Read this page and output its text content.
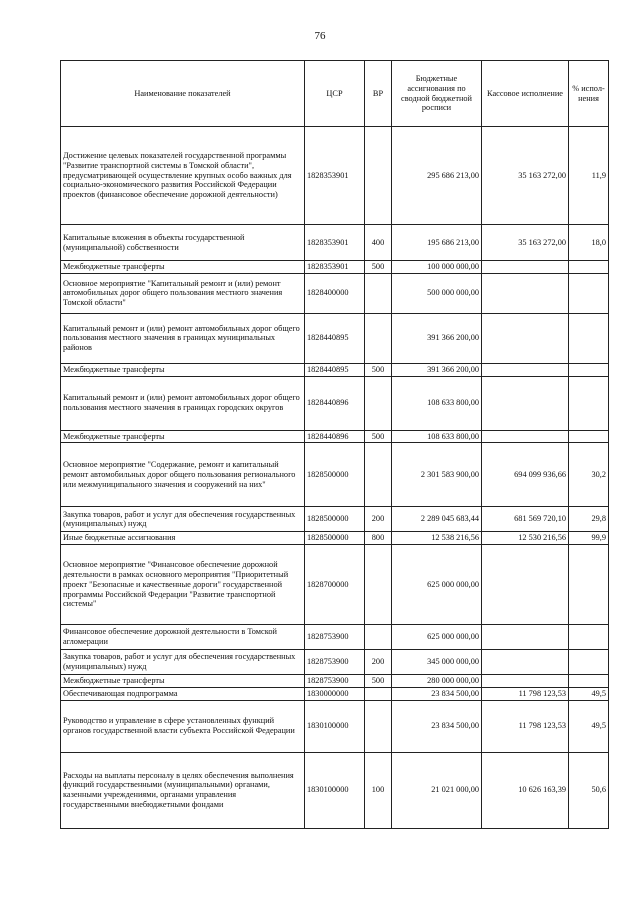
76
Наименование показателей	ЦСР	ВР	Бюджетные ассигнования по сводной бюджетной росписи	Кассовое исполнение	% испол-нения
Достижение целевых показателей государственной программы "Развитие транспортной системы в Томской области", предусматривающей осуществление крупных особо важных для социально-экономического развития Российской Федерации проектов (финансовое обеспечение дорожной деятельности)	1828353901		295 686 213,00	35 163 272,00	11,9
Капитальные вложения в объекты государственной (муниципальной) собственности	1828353901	400	195 686 213,00	35 163 272,00	18,0
Межбюджетные трансферты	1828353901	500	100 000 000,00		
Основное мероприятие "Капитальный ремонт и (или) ремонт автомобильных дорог общего пользования местного значения Томской области"	1828400000		500 000 000,00		
Капитальный ремонт и (или) ремонт автомобильных дорог общего пользования местного значения в границах муниципальных районов	1828440895		391 366 200,00		
Межбюджетные трансферты	1828440895	500	391 366 200,00		
Капитальный ремонт и (или) ремонт автомобильных дорог общего пользования местного значения в границах городских округов	1828440896		108 633 800,00		
Межбюджетные трансферты	1828440896	500	108 633 800,00		
Основное мероприятие "Содержание, ремонт и капитальный ремонт автомобильных дорог общего пользования регионального или межмуниципального значения и сооружений на них"	1828500000		2 301 583 900,00	694 099 936,66	30,2
Закупка товаров, работ и услуг для обеспечения государственных (муниципальных) нужд	1828500000	200	2 289 045 683,44	681 569 720,10	29,8
Иные бюджетные ассигнования	1828500000	800	12 538 216,56	12 530 216,56	99,9
Основное мероприятие "Финансовое обеспечение дорожной деятельности в рамках основного мероприятия "Приоритетный проект "Безопасные и качественные дороги" государственной программы Российской Федерации "Развитие транспортной системы"	1828700000		625 000 000,00		
Финансовое обеспечение дорожной деятельности в Томской агломерации	1828753900		625 000 000,00		
Закупка товаров, работ и услуг для обеспечения государственных (муниципальных) нужд	1828753900	200	345 000 000,00		
Межбюджетные трансферты	1828753900	500	280 000 000,00		
Обеспечивающая подпрограмма	1830000000		23 834 500,00	11 798 123,53	49,5
Руководство и управление в сфере установленных функций органов государственной власти субъекта Российской Федерации	1830100000		23 834 500,00	11 798 123,53	49,5
Расходы на выплаты персоналу в целях обеспечения выполнения функций государственными (муниципальными) органами, казенными учреждениями, органами управления государственными внебюджетными фондами	1830100000	100	21 021 000,00	10 626 163,39	50,6
